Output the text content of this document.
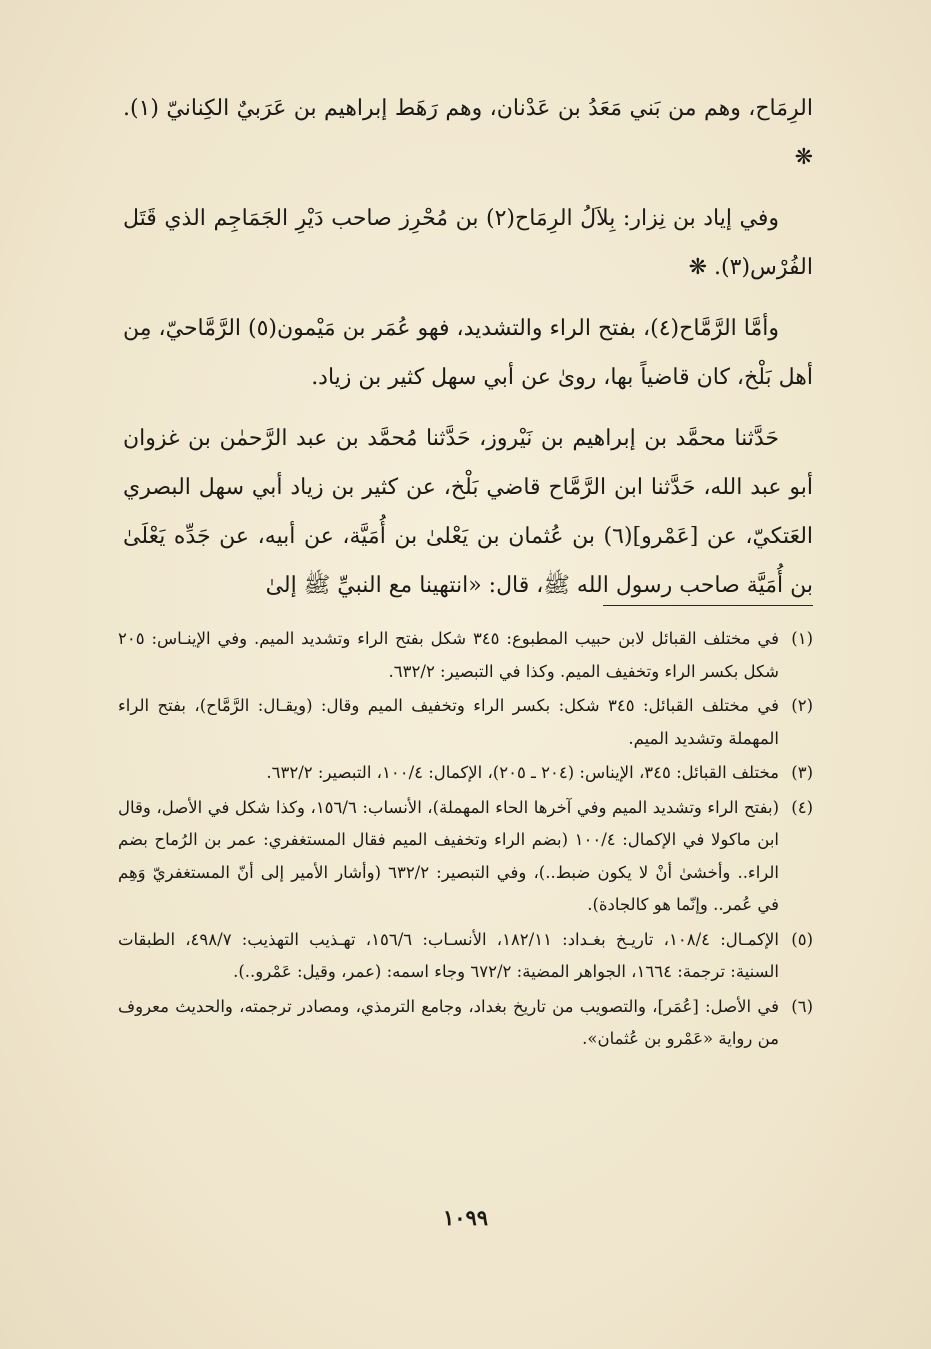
الرِمَاح، وهم من بَني مَعَدُ بن عَدْنان، وهم رَهَط إبراهيم بن عَرَبيٌ الكِنانيّ (١). ❋

وفي إياد بن نِزار: بِلاَلُ الرِمَاح(٢) بن مُحْرِز صاحب دَيْرِ الجَمَاجِم الذي قَتَل الفُرْس(٣). ❋

وأمَّا الرَّمَّاح(٤)، بفتح الراء والتشديد، فهو عُمَر بن مَيْمون(٥) الرَّمَّاحيّ، مِن أهل بَلْخ، كان قاضياً بها، روىٰ عن أبي سهل كثير بن زياد.

حَدَّثنا محمَّد بن إبراهيم بن نَيْروز، حَدَّثنا مُحمَّد بن عبد الرَّحمٰن بن غزوان أبو عبد الله، حَدَّثنا ابن الرَّمَّاح قاضي بَلْخ، عن كثير بن زياد أبي سهل البصري العَتكيّ، عن [عَمْرو](٦) بن عُثمان بن يَعْلىٰ بن أُمَيَّة، عن أبيه، عن جَدِّه يَعْلَىٰ بن أُمَيَّة صاحب رسول الله ﷺ، قال: «انتهينا مع النبيِّ ﷺ إلىٰ

(١)
في مختلف القبائل لابن حبيب المطبوع: ٣٤٥ شكل بفتح الراء وتشديد الميم. وفي الإينـاس: ٢٠٥ شكل بكسر الراء وتخفيف الميم. وكذا في التبصير: ٦٣٢/٢.
(٢)
في مختلف القبائل: ٣٤٥ شكل: بكسر الراء وتخفيف الميم وقال: (ويقـال: الرَّمَّاح)، بفتح الراء المهملة وتشديد الميم.
(٣)
مختلف القبائل: ٣٤٥، الإيناس: (٢٠٤ ـ ٢٠٥)، الإكمال: ١٠٠/٤، التبصير: ٦٣٢/٢.
(٤)
(بفتح الراء وتشديد الميم وفي آخرها الحاء المهملة)، الأنساب: ١٥٦/٦، وكذا شكل في الأصل، وقال ابن ماكولا في الإكمال: ١٠٠/٤ (بضم الراء وتخفيف الميم فقال المستغفري: عمر بن الرُماح بضم الراء.. وأخشىٰ أنْ لا يكون ضبط..)، وفي التبصير: ٦٣٢/٢ (وأشار الأمير إلى أنّ المستغفريّ وَهِم في عُمر.. وإنّما هو كالجادة).
(٥)
الإكمـال: ١٠٨/٤، تاريـخ بغـداد: ١٨٢/١١، الأنسـاب: ١٥٦/٦، تهـذيب التهذيب: ٤٩٨/٧، الطبقات السنية: ترجمة: ١٦٦٤، الجواهر المضية: ٦٧٢/٢ وجاء اسمه: (عمر، وقيل: عَمْرو..).
(٦)
في الأصل: [عُمَر]، والتصويب من تاريخ بغداد، وجامع الترمذي، ومصادر ترجمته، والحديث معروف من رواية «عَمْرو بن عُثمان».
١٠٩٩
